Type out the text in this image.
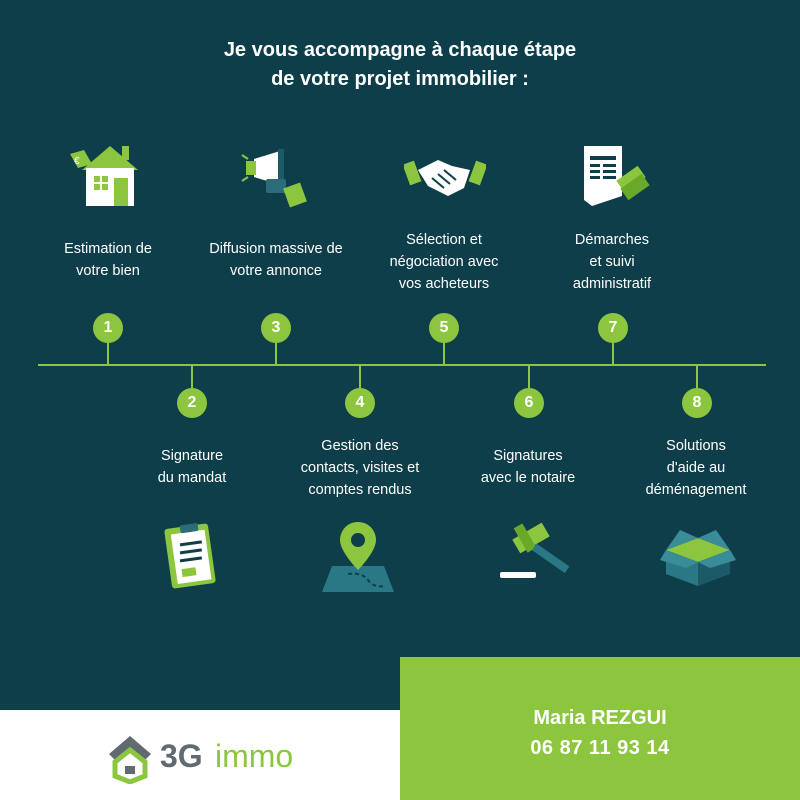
Je vous accompagne à chaque étape
de votre projet immobilier :
€
Estimation de
votre bien
Diffusion massive de
votre annonce
Sélection et
négociation avec
vos acheteurs
Démarches
et suivi
administratif
1	3	5	7
2	4	6	8
Signature
du mandat
Gestion des
contacts, visites et
comptes rendus
Signatures
avec le notaire
Solutions
d'aide au
déménagement
3G immo
Maria REZGUI
06 87 11 93 14
